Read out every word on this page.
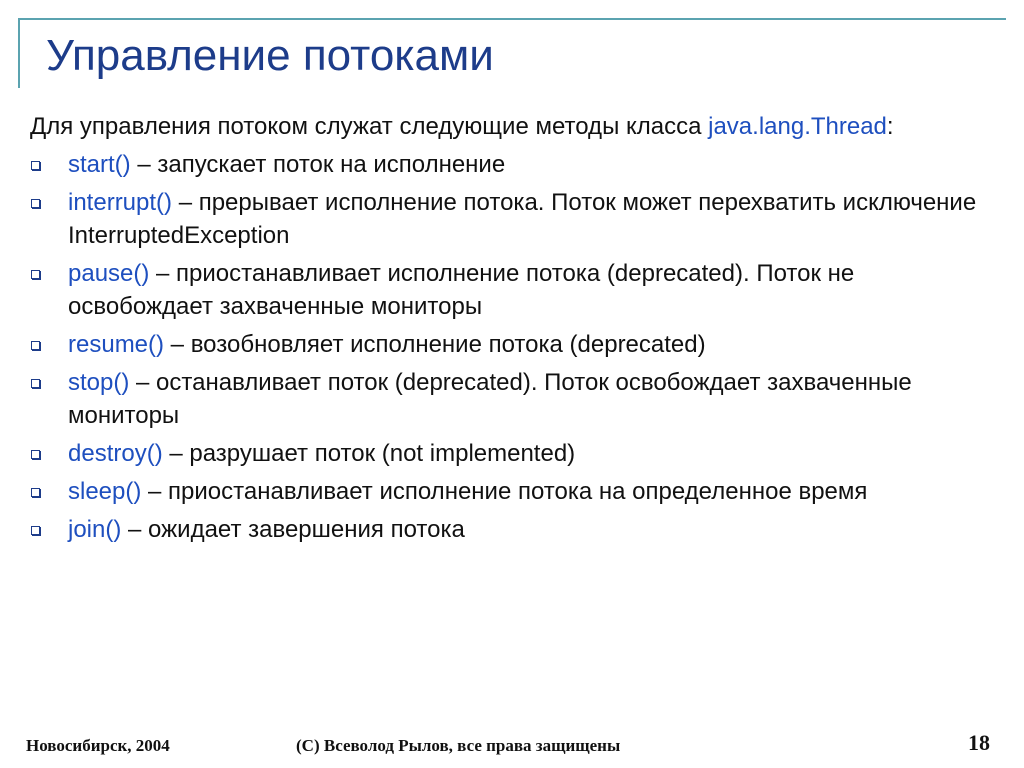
Управление потоками
Для управления потоком служат следующие методы класса java.lang.Thread:
start() – запускает поток на исполнение
interrupt() – прерывает исполнение потока. Поток может перехватить исключение InterruptedException
pause() – приостанавливает исполнение потока (deprecated). Поток не освобождает захваченные мониторы
resume() – возобновляет исполнение потока (deprecated)
stop() – останавливает поток (deprecated). Поток освобождает захваченные мониторы
destroy() – разрушает поток (not implemented)
sleep() – приостанавливает исполнение потока на определенное время
join() – ожидает завершения потока
Новосибирск, 2004	(С) Всеволод Рылов, все права защищены	18
